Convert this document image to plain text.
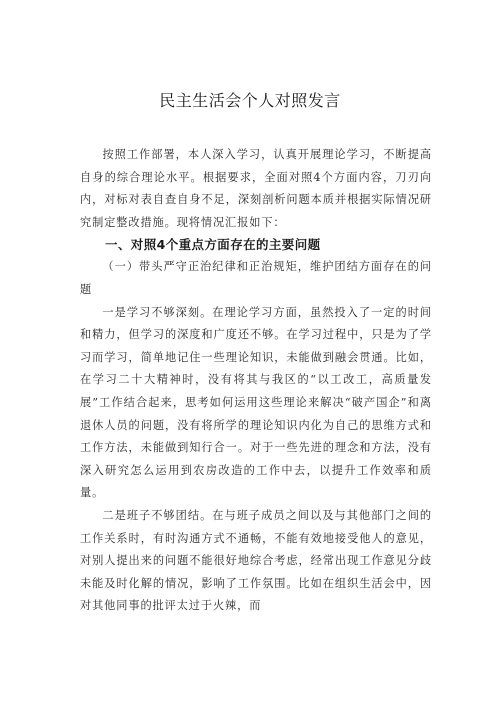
民主生活会个人对照发言

按照工作部署，本人深入学习，认真开展理论学习，不断提高自身的综合理论水平。根据要求，全面对照4个方面内容，刀刃向内，对标对表自查自身不足，深刻剖析问题本质并根据实际情况研究制定整改措施。现将情况汇报如下：

一、对照4个重点方面存在的主要问题

（一）带头严守正治纪律和正治规矩，维护团结方面存在的问题

一是学习不够深刻。在理论学习方面，虽然投入了一定的时间和精力，但学习的深度和广度还不够。在学习过程中，只是为了学习而学习，简单地记住一些理论知识，未能做到融会贯通。比如，在学习二十大精神时，没有将其与我区的“以工改工，高质量发展”工作结合起来，思考如何运用这些理论来解决“破产国企”和离退休人员的问题，没有将所学的理论知识内化为自己的思维方式和工作方法，未能做到知行合一。对于一些先进的理念和方法，没有深入研究怎么运用到农房改造的工作中去，以提升工作效率和质量。

二是班子不够团结。在与班子成员之间以及与其他部门之间的工作关系时，有时沟通方式不通畅，不能有效地接受他人的意见，对别人提出来的问题不能很好地综合考虑，经常出现工作意见分歧未能及时化解的情况，影响了工作氛围。比如在组织生活会中，因对其他同事的批评太过于火辣，而
